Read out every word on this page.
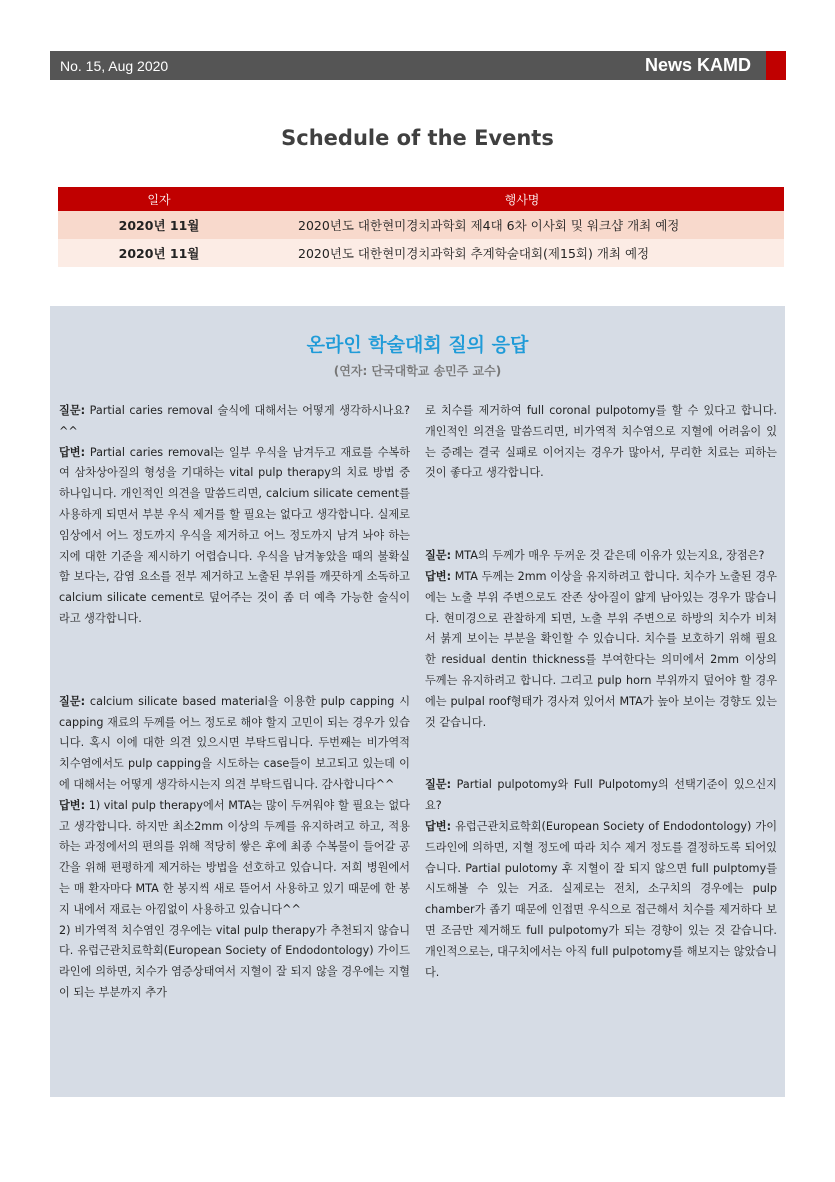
No. 15, Aug 2020	News KAMD
Schedule of the Events
일자	행사명
2020년 11월	2020년도 대한현미경치과학회 제4대 6차 이사회 및 워크샵 개최 예정
2020년 11월	2020년도 대한현미경치과학회 추계학술대회(제15회) 개최 예정
온라인 학술대회 질의 응답
(연자: 단국대학교 송민주 교수)

질문: Partial caries removal 술식에 대해서는 어떻게 생각하시나요?^^

답변: Partial caries removal는 일부 우식을 남겨두고 재료를 수복하여 삼차상아질의 형성을 기대하는 vital pulp therapy의 치료 방법 중 하나입니다. 개인적인 의견을 말씀드리면, calcium silicate cement를 사용하게 되면서 부분 우식 제거를 할 필요는 없다고 생각합니다. 실제로 임상에서 어느 정도까지 우식을 제거하고 어느 정도까지 남겨 놔야 하는지에 대한 기준을 제시하기 어렵습니다. 우식을 남겨놓았을 때의 불확실함 보다는, 감염 요소를 전부 제거하고 노출된 부위를 깨끗하게 소독하고 calcium silicate cement로 덮어주는 것이 좀 더 예측 가능한 술식이라고 생각합니다.

질문: calcium silicate based material을 이용한 pulp capping 시 capping 재료의 두께를 어느 정도로 해야 할지 고민이 되는 경우가 있습니다. 혹시 이에 대한 의견 있으시면 부탁드립니다. 두번째는 비가역적 치수염에서도 pulp capping을 시도하는 case들이 보고되고 있는데 이에 대해서는 어떻게 생각하시는지 의견 부탁드립니다. 감사합니다^^

답변: 1) vital pulp therapy에서 MTA는 많이 두꺼워야 할 필요는 없다고 생각합니다. 하지만 최소2mm 이상의 두께를 유지하려고 하고, 적용하는 과정에서의 편의를 위해 적당히 쌓은 후에 최종 수복물이 들어갈 공간을 위해 편평하게 제거하는 방법을 선호하고 있습니다. 저희 병원에서는 매 환자마다 MTA 한 봉지씩 새로 뜯어서 사용하고 있기 때문에 한 봉지 내에서 재료는 아낌없이 사용하고 있습니다^^

2) 비가역적 치수염인 경우에는 vital pulp therapy가 추천되지 않습니다. 유럽근관치료학회(European Society of Endodontology) 가이드라인에 의하면, 치수가 염증상태여서 지혈이 잘 되지 않을 경우에는 지혈이 되는 부분까지 추가

로 치수를 제거하여 full coronal pulpotomy를 할 수 있다고 합니다. 개인적인 의견을 말씀드리면, 비가역적 치수염으로 지혈에 어려움이 있는 증례는 결국 실패로 이어지는 경우가 많아서, 무리한 치료는 피하는 것이 좋다고 생각합니다.

질문: MTA의 두께가 매우 두꺼운 것 같은데 이유가 있는지요, 장점은?

답변: MTA 두께는 2mm 이상을 유지하려고 합니다. 치수가 노출된 경우에는 노출 부위 주변으로도 잔존 상아질이 얇게 남아있는 경우가 많습니다. 현미경으로 관찰하게 되면, 노출 부위 주변으로 하방의 치수가 비쳐서 붉게 보이는 부분을 확인할 수 있습니다. 치수를 보호하기 위해 필요한 residual dentin thickness를 부여한다는 의미에서 2mm 이상의 두께는 유지하려고 합니다. 그리고 pulp horn 부위까지 덮어야 할 경우에는 pulpal roof형태가 경사져 있어서 MTA가 높아 보이는 경향도 있는 것 같습니다.

질문: Partial pulpotomy와 Full Pulpotomy의 선택기준이 있으신지요?

답변: 유럽근관치료학회(European Society of Endodontology) 가이드라인에 의하면, 지혈 정도에 따라 치수 제거 정도를 결정하도록 되어있습니다. Partial pulotomy 후 지혈이 잘 되지 않으면 full pulptomy를 시도해볼 수 있는 거죠. 실제로는 전치, 소구치의 경우에는 pulp chamber가 좁기 때문에 인접면 우식으로 접근해서 치수를 제거하다 보면 조금만 제거해도 full pulpotomy가 되는 경향이 있는 것 같습니다. 개인적으로는, 대구치에서는 아직 full pulpotomy를 해보지는 않았습니다.
